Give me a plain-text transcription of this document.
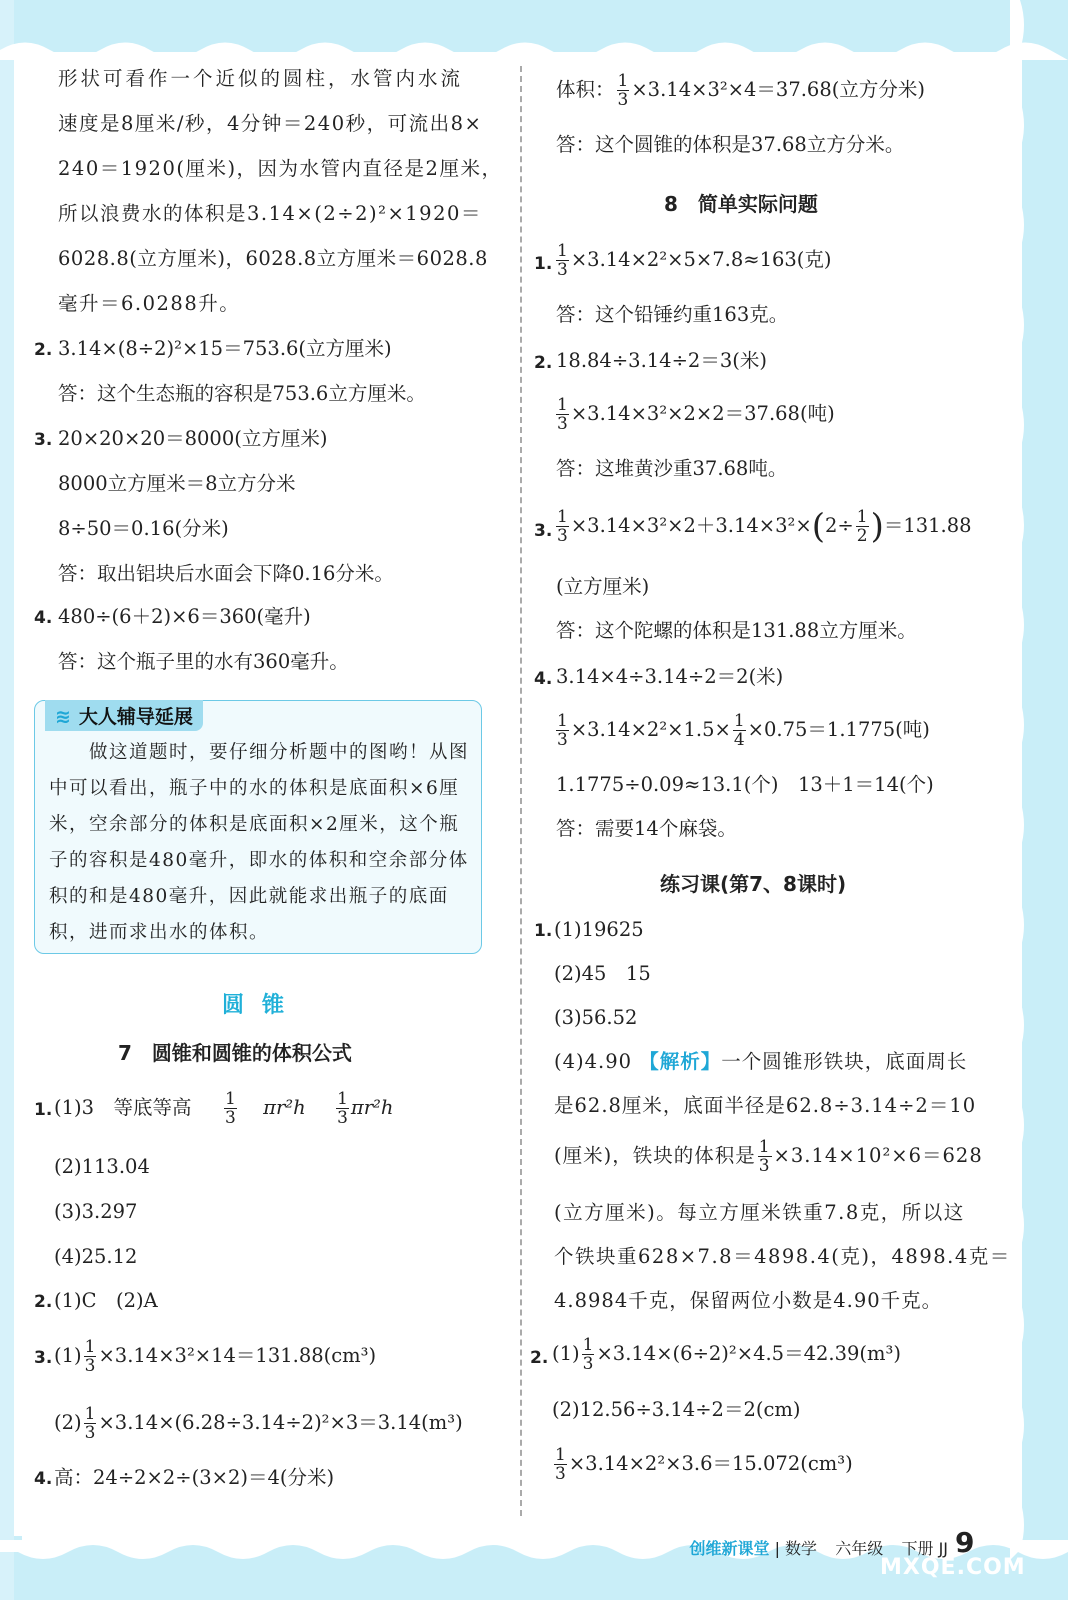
形状可看作一个近似的圆柱，水管内水流
速度是8厘米/秒，4分钟＝240秒，可流出8×
240＝1920(厘米)，因为水管内直径是2厘米，
所以浪费水的体积是3.14×(2÷2)²×1920＝
6028.8(立方厘米)，6028.8立方厘米＝6028.8
毫升＝6.0288升。
2. 3.14×(8÷2)²×15＝753.6(立方厘米)
答：这个生态瓶的容积是753.6立方厘米。
3. 20×20×20＝8000(立方厘米)
8000立方厘米＝8立方分米
8÷50＝0.16(分米)
答：取出铝块后水面会下降0.16分米。
4. 480÷(6＋2)×6＝360(毫升)
答：这个瓶子里的水有360毫升。
≋ 大人辅导延展
做这道题时，要仔细分析题中的图哟！从图中可以看出，瓶子中的水的体积是底面积×6厘米，空余部分的体积是底面积×2厘米，这个瓶子的容积是480毫升，即水的体积和空余部分体积的和是480毫升，因此就能求出瓶子的底面积，进而求出水的体积。
圆锥
7　圆锥和圆锥的体积公式
1. (1)3　等底等高 $\frac{1}{3} \pi r^2h \frac{1}{3} \pi r^2h$
(2)113.04
(3)3.297
(4)25.12
2. (1)C　(2)A
3. $(1) \frac{1}{3} \times 3.14\times 3^2\times 14=131.88(cm^3)$
$(2) \frac{1}{3} \times 3.14\times(6.28\div 3.14\div 2)^2\times 3=3.14(m^3)$
4. 高：24÷2×2÷(3×2)＝4(分米)
体积： $\frac{1}{3} \times 3.14\times 3^2\times 4=37.68$(立方分米)
答：这个圆锥的体积是37.68立方分米。
8　简单实际问题
1. $\frac{1}{3} \times 3.14\times 2^2\times 5\times 7.8\approx 163$(克)
答：这个铅锤约重163克。
2. 18.84÷3.14÷2＝3(米)
$\frac{1}{3} \times 3.14\times 3^2\times 2\times 2=37.68$(吨)
答：这堆黄沙重37.68吨。
3. $\frac{1}{3} \times 3.14\times 3^2\times 2+3.14\times 3^2\times(2\div \frac{1}{2} )=131.88$
(立方厘米)
答：这个陀螺的体积是131.88立方厘米。
4. 3.14×4÷3.14÷2＝2(米)
$\frac{1}{3} \times 3.14\times 2^2\times 1.5\times \frac{1}{4} \times 0.75=1.1775$(吨)
1.1775÷0.09≈13.1(个)　13＋1＝14(个)
答：需要14个麻袋。
练习课(第7、8课时)
1. (1)19625
(2)45　15
(3)56.52
(4)4.90 【解析】一个圆锥形铁块，底面周长
是62.8厘米，底面半径是62.8÷3.14÷2＝10
(厘米)，铁块的体积是 $\frac{1}{3} \times 3.14\times 10^2\times 6=628$
(立方厘米)。每立方厘米铁重7.8克，所以这
个铁块重628×7.8＝4898.4(克)，4898.4克＝
4.8984千克，保留两位小数是4.90千克。
2. $(1) \frac{1}{3} \times 3.14\times(6\div 2)^2\times 4.5=42.39(m^3)$
(2)12.56÷3.14÷2＝2(cm)
$\frac{1}{3} \times 3.14\times 2^2\times 3.6=15.072(cm^3)$
创维新课堂 | 数学 六年级 下册 JJ 9
MXQE.COM
